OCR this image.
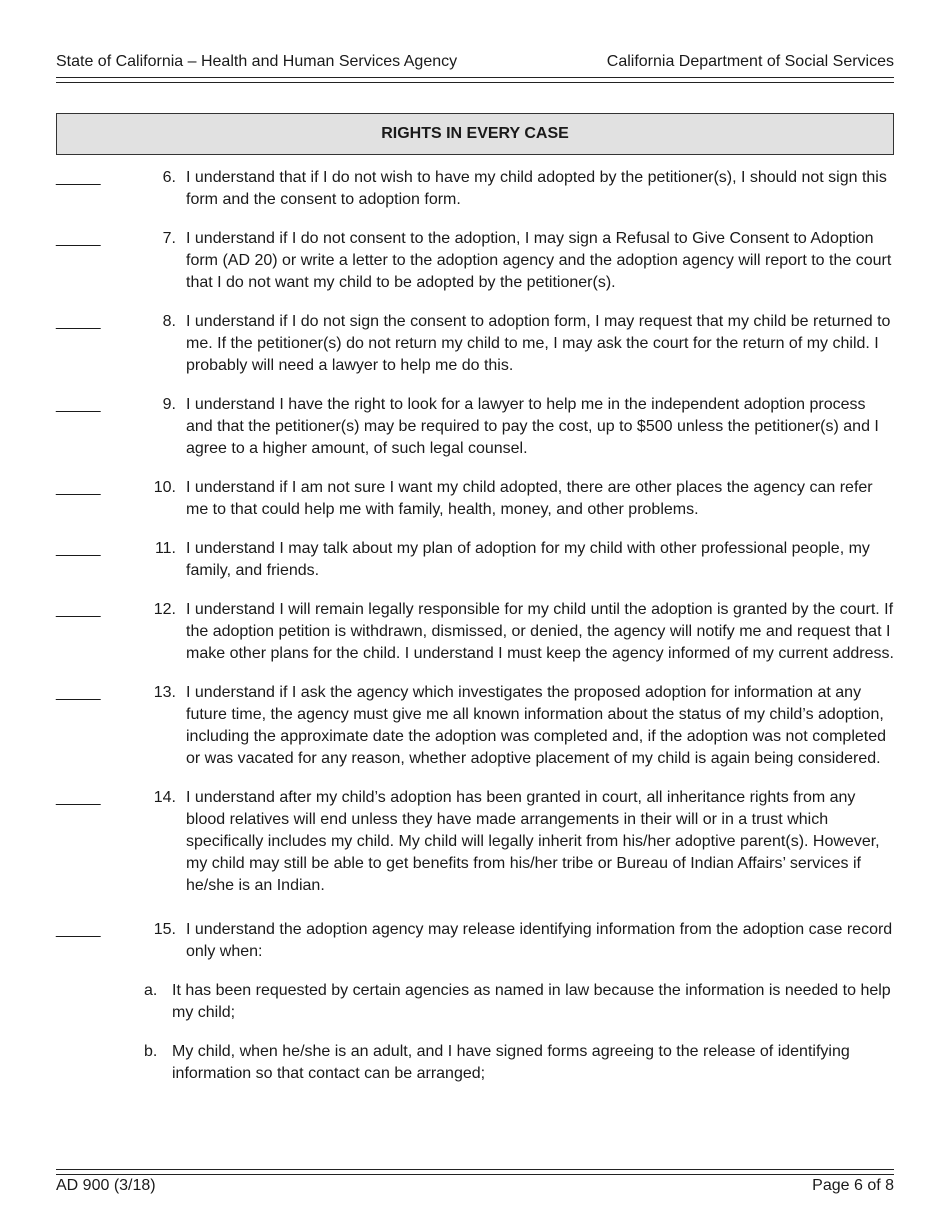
State of California – Health and Human Services Agency	California Department of Social Services
RIGHTS IN EVERY CASE
_____	6. I understand that if I do not wish to have my child adopted by the petitioner(s), I should not sign this form and the consent to adoption form.
_____	7. I understand if I do not consent to the adoption, I may sign a Refusal to Give Consent to Adoption form (AD 20) or write a letter to the adoption agency and the adoption agency will report to the court that I do not want my child to be adopted by the petitioner(s).
_____	8. I understand if I do not sign the consent to adoption form, I may request that my child be returned to me. If the petitioner(s) do not return my child to me, I may ask the court for the return of my child. I probably will need a lawyer to help me do this.
_____	9. I understand I have the right to look for a lawyer to help me in the independent adoption process and that the petitioner(s) may be required to pay the cost, up to $500 unless the petitioner(s) and I agree to a higher amount, of such legal counsel.
_____	10. I understand if I am not sure I want my child adopted, there are other places the agency can refer me to that could help me with family, health, money, and other problems.
_____	11. I understand I may talk about my plan of adoption for my child with other professional people, my family, and friends.
_____	12. I understand I will remain legally responsible for my child until the adoption is granted by the court. If the adoption petition is withdrawn, dismissed, or denied, the agency will notify me and request that I make other plans for the child. I understand I must keep the agency informed of my current address.
_____	13. I understand if I ask the agency which investigates the proposed adoption for information at any future time, the agency must give me all known information about the status of my child’s adoption, including the approximate date the adoption was completed and, if the adoption was not completed or was vacated for any reason, whether adoptive placement of my child is again being considered.
_____	14. I understand after my child’s adoption has been granted in court, all inheritance rights from any blood relatives will end unless they have made arrangements in their will or in a trust which specifically includes my child. My child will legally inherit from his/her adoptive parent(s). However, my child may still be able to get benefits from his/her tribe or Bureau of Indian Affairs’ services if he/she is an Indian.
_____	15. I understand the adoption agency may release identifying information from the adoption case record only when:
a. It has been requested by certain agencies as named in law because the information is needed to help my child;
b. My child, when he/she is an adult, and I have signed forms agreeing to the release of identifying information so that contact can be arranged;
AD 900 (3/18)	Page 6 of 8
